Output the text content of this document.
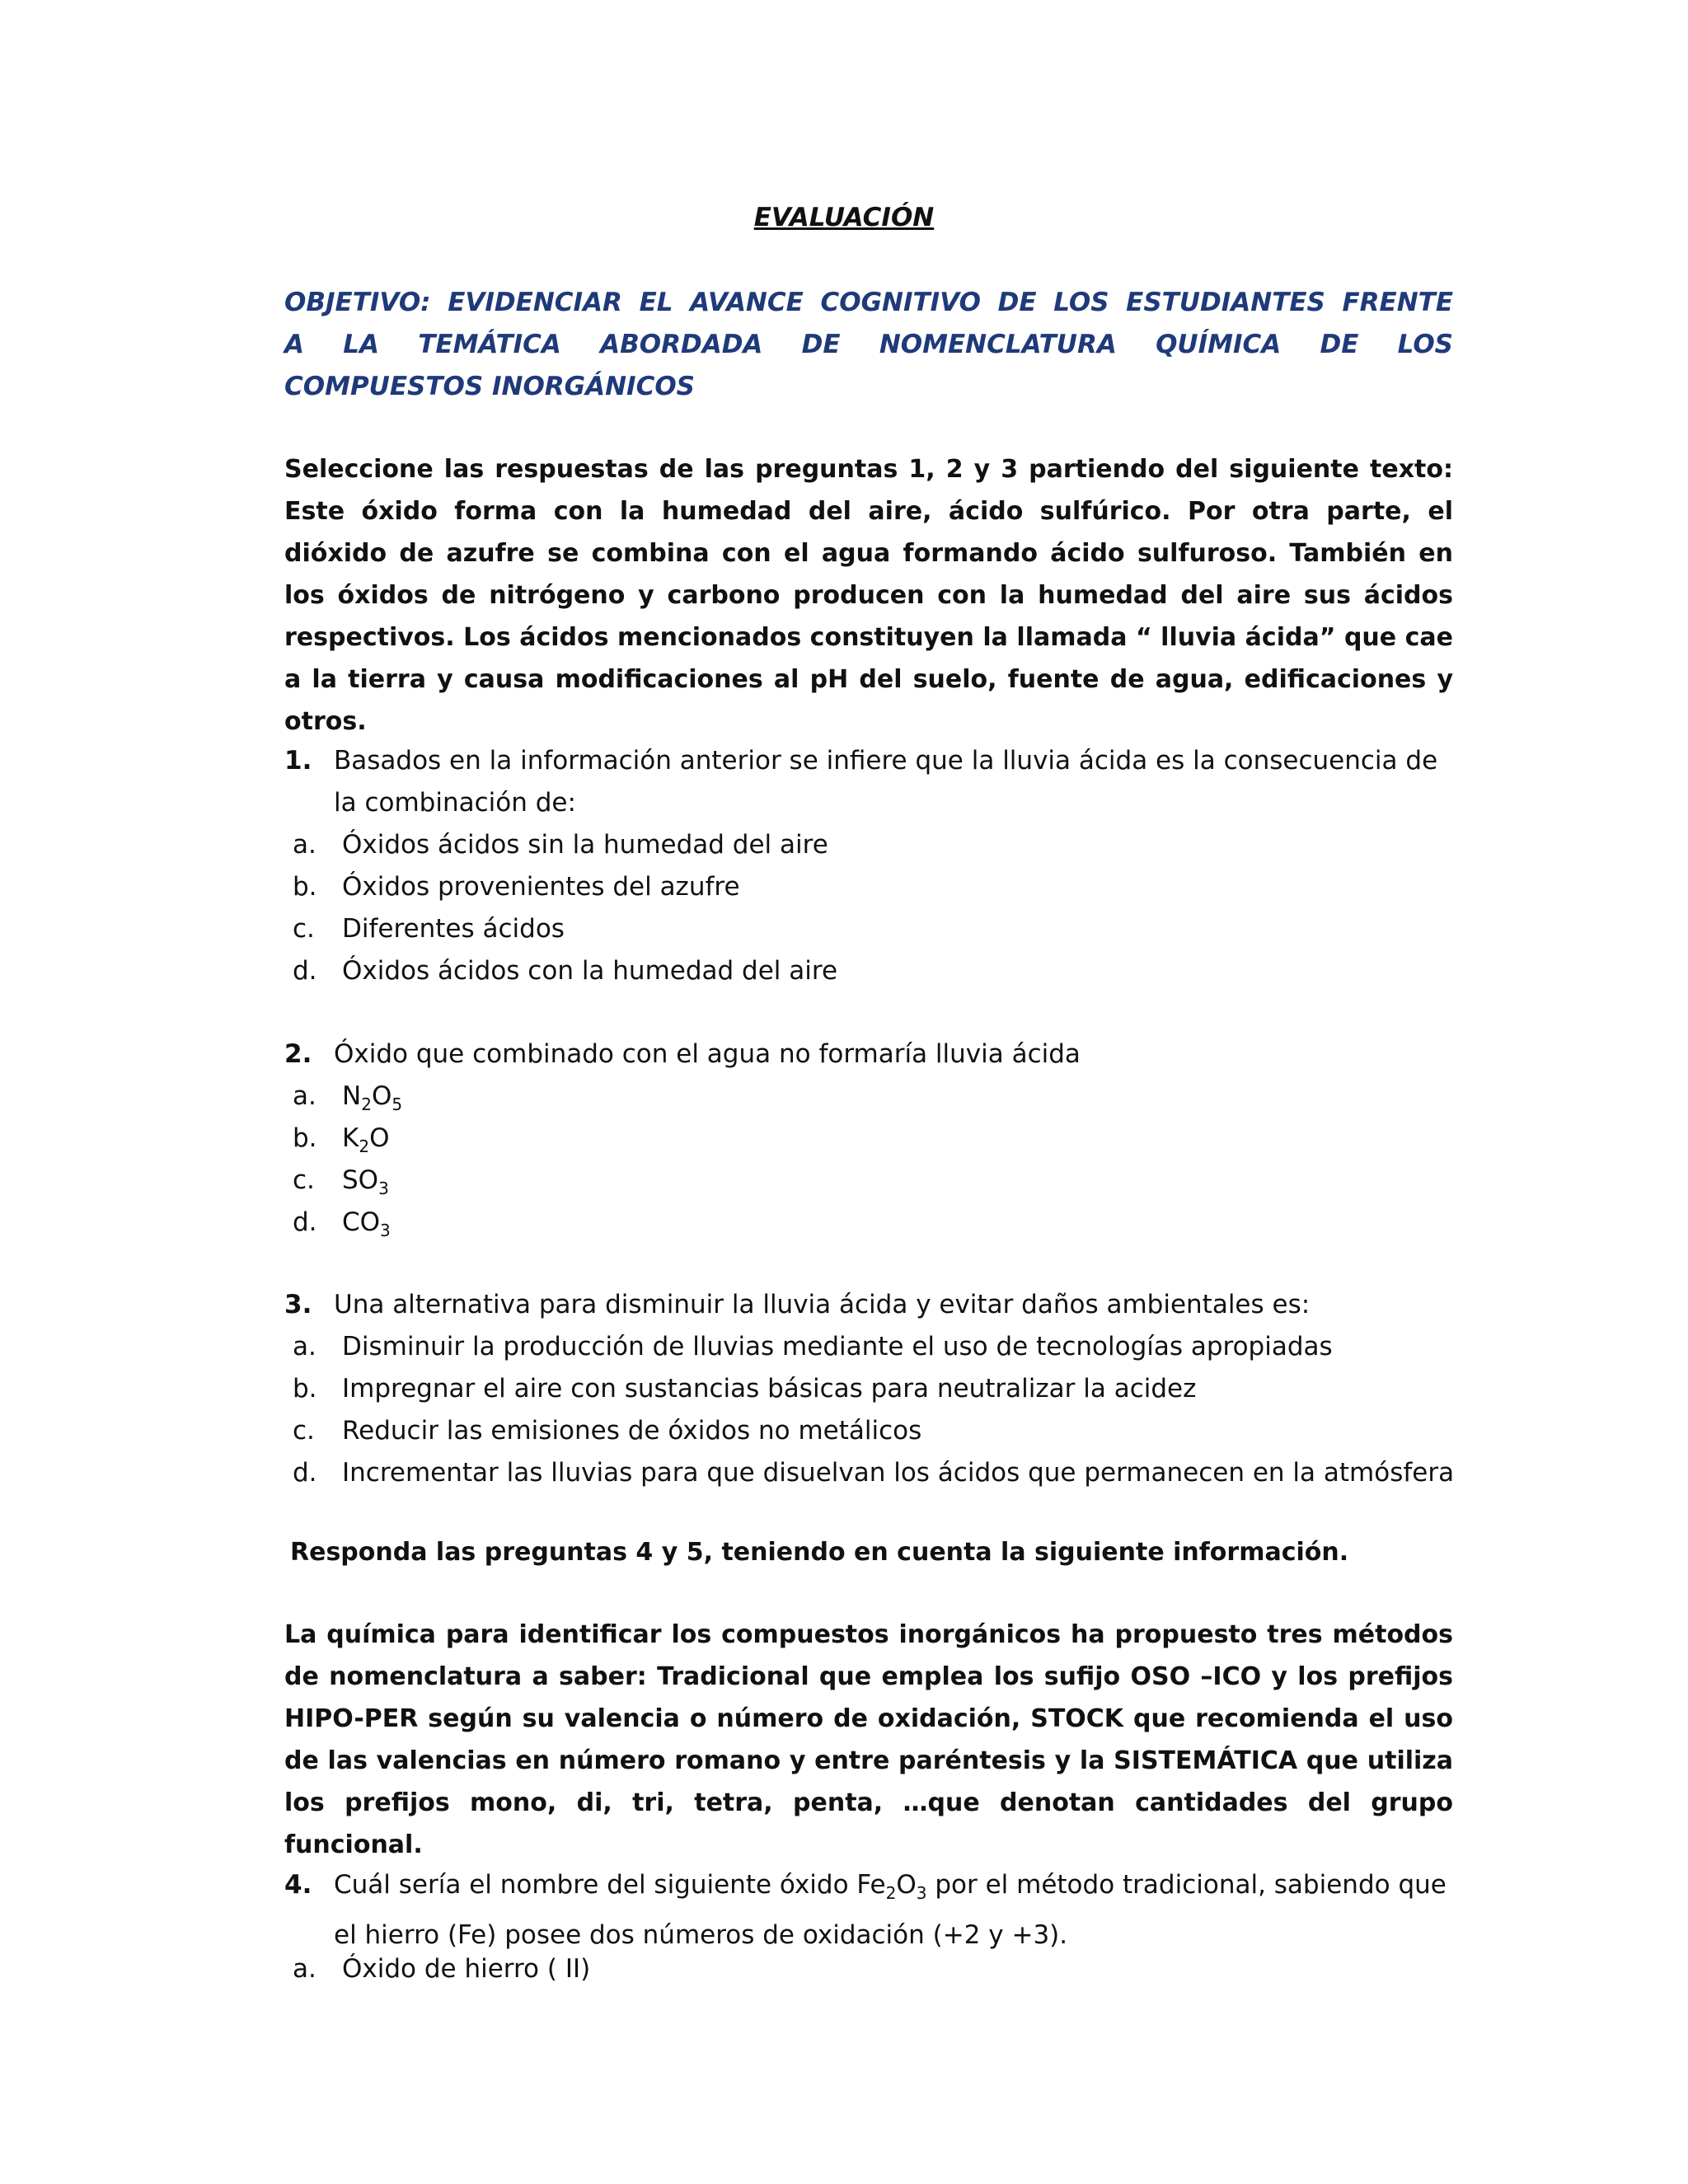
EVALUACIÓN
OBJETIVO: EVIDENCIAR EL AVANCE COGNITIVO DE LOS ESTUDIANTES FRENTE
A LA TEMÁTICA ABORDADA DE NOMENCLATURA QUÍMICA DE LOS
COMPUESTOS INORGÁNICOS
Seleccione las respuestas de las preguntas 1, 2 y 3 partiendo del siguiente texto: Este óxido forma con la humedad del aire, ácido sulfúrico. Por otra parte, el dióxido de azufre se combina con el agua formando ácido sulfuroso. También en los óxidos de nitrógeno y carbono producen con la humedad del aire sus ácidos respectivos. Los ácidos mencionados constituyen la llamada “ lluvia ácida” que cae a la tierra y causa modificaciones al pH del suelo, fuente de agua, edificaciones y otros.
1. Basados en la información anterior se infiere que la lluvia ácida es la consecuencia de la combinación de:
a. Óxidos ácidos sin la humedad del aire
b. Óxidos provenientes del azufre
c. Diferentes ácidos
d. Óxidos ácidos con la humedad del aire
2. Óxido que combinado con el agua no formaría lluvia ácida
a. $N_2O_5$
b. $K_2O$
c. $SO_3$
d. $CO_3$
3. Una alternativa para disminuir la lluvia ácida y evitar daños ambientales es:
a. Disminuir la producción de lluvias mediante el uso de tecnologías apropiadas
b. Impregnar el aire con sustancias básicas para neutralizar la acidez
c. Reducir las emisiones de óxidos no metálicos
d. Incrementar las lluvias para que disuelvan los ácidos que permanecen en la atmósfera
Responda las preguntas 4 y 5, teniendo en cuenta la siguiente información.
La química para identificar los compuestos inorgánicos ha propuesto tres métodos de nomenclatura a saber: Tradicional que emplea los sufijo OSO –ICO y los prefijos HIPO-PER según su valencia o número de oxidación, STOCK que recomienda el uso de las valencias en número romano y entre paréntesis y la SISTEMÁTICA que utiliza los prefijos mono, di, tri, tetra, penta, …que denotan cantidades del grupo funcional.
4. Cuál sería el nombre del siguiente óxido $Fe_2O_3$ por el método tradicional, sabiendo que el hierro (Fe) posee dos números de oxidación (+2 y +3).
a. Óxido de hierro ( II)
